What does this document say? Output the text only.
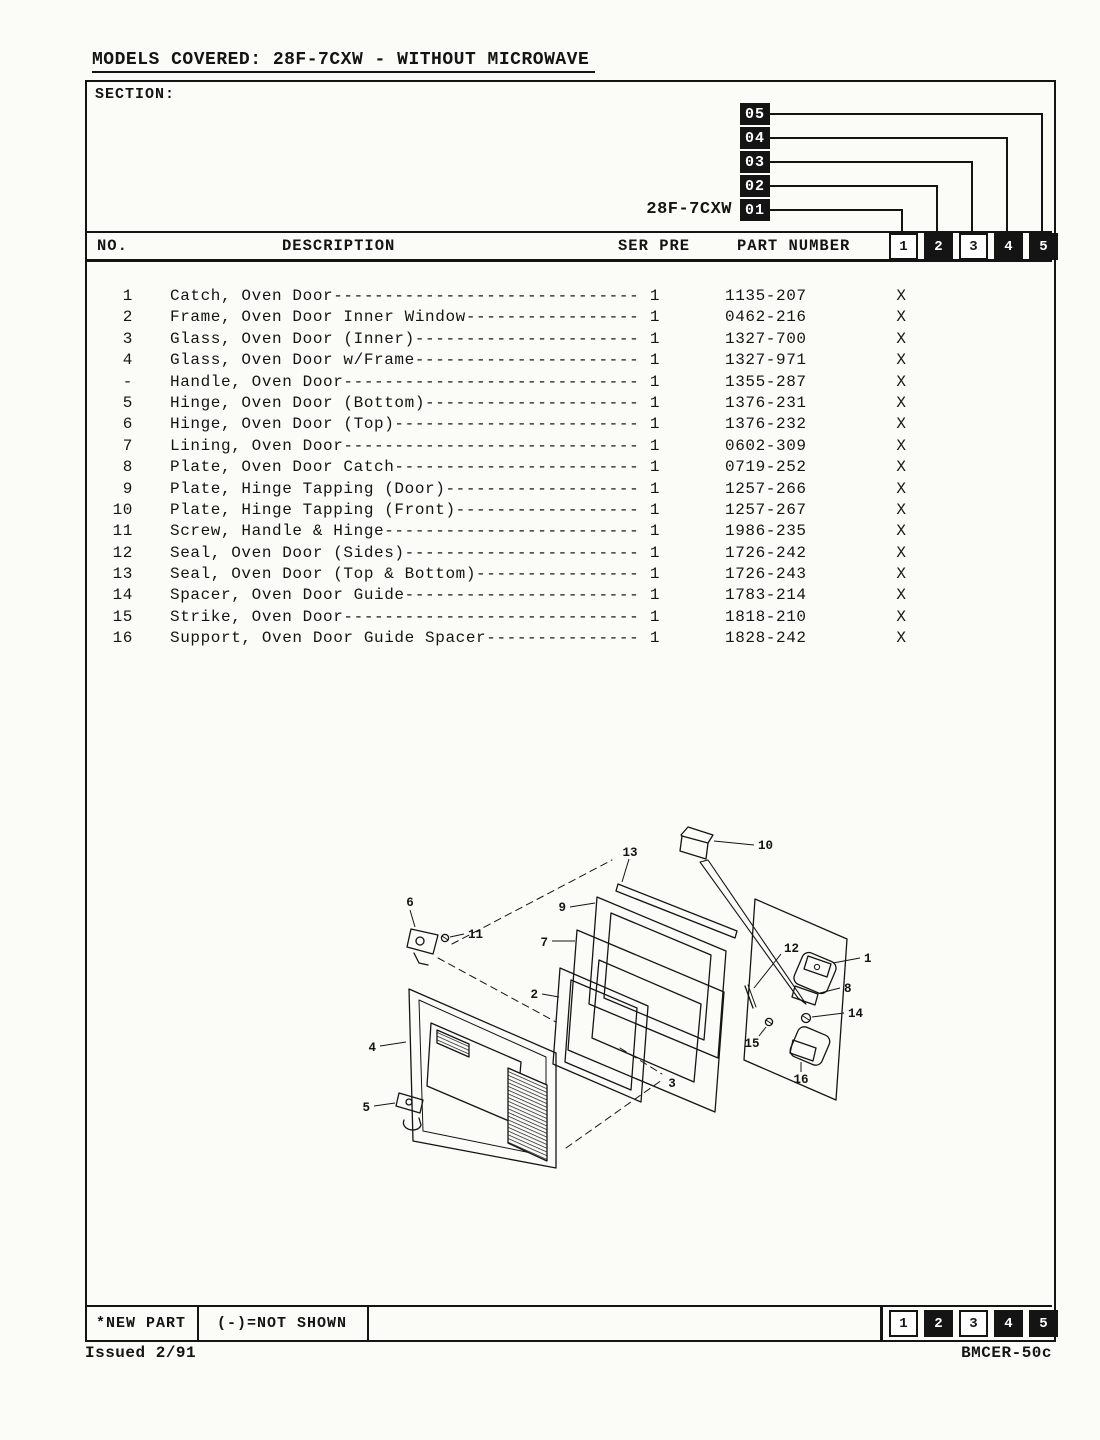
MODELS COVERED: 28F-7CXW - WITHOUT MICROWAVE
SECTION:
28F-7CXW
05
04
03
02
01
NO.	DESCRIPTION	SER PRE	PART NUMBER	1	2	3	4	5
1 Catch, Oven Door------------------------------ 1	1135-207	X
2 Frame, Oven Door Inner Window----------------- 1	0462-216	X
3 Glass, Oven Door (Inner)---------------------- 1	1327-700	X
4 Glass, Oven Door w/Frame---------------------- 1	1327-971	X
- Handle, Oven Door----------------------------- 1	1355-287	X
5 Hinge, Oven Door (Bottom)--------------------- 1	1376-231	X
6 Hinge, Oven Door (Top)------------------------ 1	1376-232	X
7 Lining, Oven Door----------------------------- 1	0602-309	X
8 Plate, Oven Door Catch------------------------ 1	0719-252	X
9 Plate, Hinge Tapping (Door)------------------- 1	1257-266	X
10 Plate, Hinge Tapping (Front)------------------ 1	1257-267	X
11 Screw, Handle & Hinge------------------------- 1	1986-235	X
12 Seal, Oven Door (Sides)----------------------- 1	1726-242	X
13 Seal, Oven Door (Top & Bottom)---------------- 1	1726-243	X
14 Spacer, Oven Door Guide----------------------- 1	1783-214	X
15 Strike, Oven Door----------------------------- 1	1818-210	X
16 Support, Oven Door Guide Spacer--------------- 1	1828-242	X
13	10
9
7
2
6
11
4
5
3
12
1
8
14
15
16
*NEW PART	(-)=NOT SHOWN	1	2	3	4	5
Issued 2/91	BMCER-50c
